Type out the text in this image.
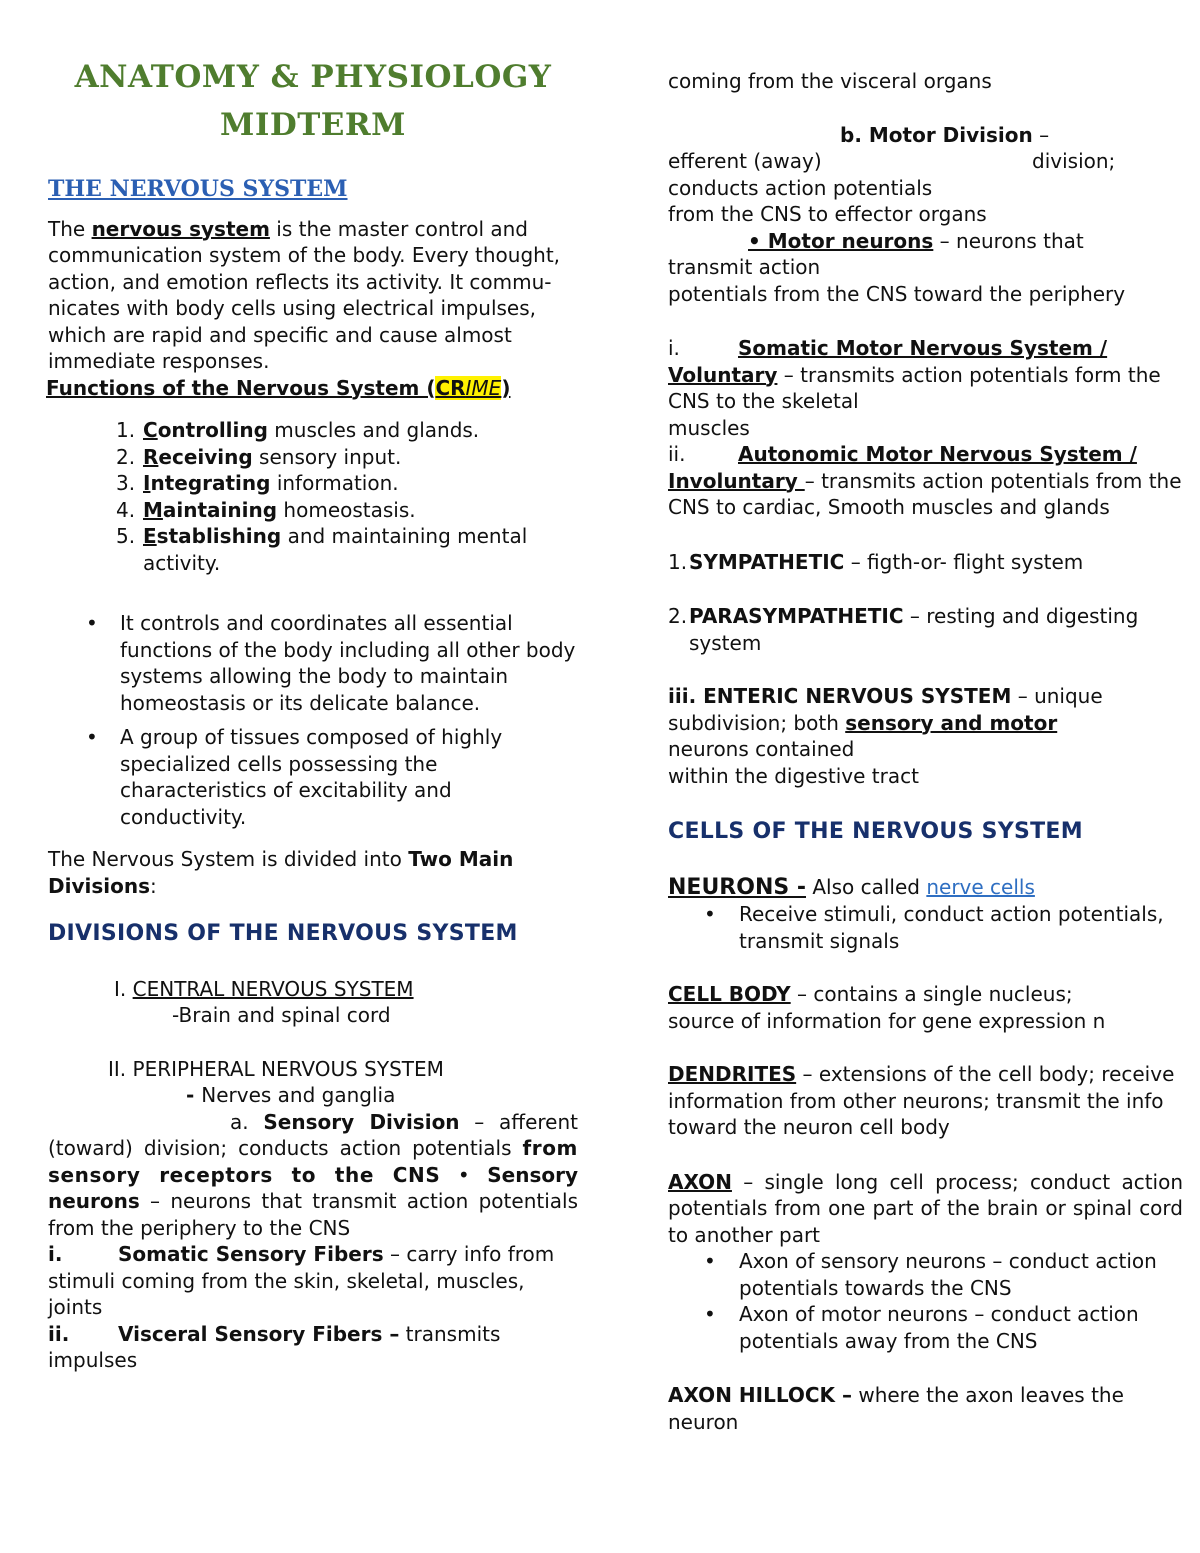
ANATOMY & PHYSIOLOGY

MIDTERM

THE NERVOUS SYSTEM

The nervous system is the master control and communication system of the body. Every thought, action, and emotion reflects its activity. It commu- nicates with body cells using electrical impulses, which are rapid and specific and cause almost immediate responses.

Functions of the Nervous System (CRIME)

1. Controlling muscles and glands.
2. Receiving sensory input.
3. Integrating information.
4. Maintaining homeostasis.
5. Establishing and maintaining mental activity.
• It controls and coordinates all essential functions of the body including all other body systems allowing the body to maintain homeostasis or its delicate balance.
• A group of tissues composed of highly specialized cells possessing the characteristics of excitability and conductivity.

The Nervous System is divided into Two Main Divisions:

DIVISIONS OF THE NERVOUS SYSTEM

I. CENTRAL NERVOUS SYSTEM

-Brain and spinal cord

II. PERIPHERAL NERVOUS SYSTEM

- Nerves and ganglia

a. Sensory Division – afferent (toward) division; conducts action potentials from sensory receptors to the CNS • Sensory neurons – neurons that transmit action potentials from the periphery to the CNS

i.	Somatic Sensory Fibers – carry info from stimuli coming from the skin, skeletal, muscles, joints

ii. Visceral Sensory Fibers – transmits impulses

coming from the visceral organs

b. Motor Division –

efferent (away)	division;

conducts action potentials

from the CNS to effector organs

• Motor neurons – neurons that

transmit action

potentials from the CNS toward the periphery

i.	Somatic Motor Nervous System / Voluntary – transmits action potentials form the CNS to the skeletal

muscles

ii.	Autonomic Motor Nervous System / Involuntary – transmits action potentials from the CNS to cardiac, Smooth muscles and glands

1. SYMPATHETIC – figth-or- flight system

2. PARASYMPATHETIC – resting and digesting system

iii. ENTERIC NERVOUS SYSTEM – unique

subdivision; both sensory and motor

neurons contained

within the digestive tract

CELLS OF THE NERVOUS SYSTEM

NEURONS - Also called nerve cells

• Receive stimuli, conduct action potentials, transmit signals

CELL BODY – contains a single nucleus;

source of information for gene expression n

DENDRITES – extensions of the cell body; receive information from other neurons; transmit the info toward the neuron cell body

AXON – single long cell process; conduct action potentials from one part of the brain or spinal cord to another part

• Axon of sensory neurons – conduct action potentials towards the CNS
• Axon of motor neurons – conduct action potentials away from the CNS

AXON HILLOCK – where the axon leaves the neuron
